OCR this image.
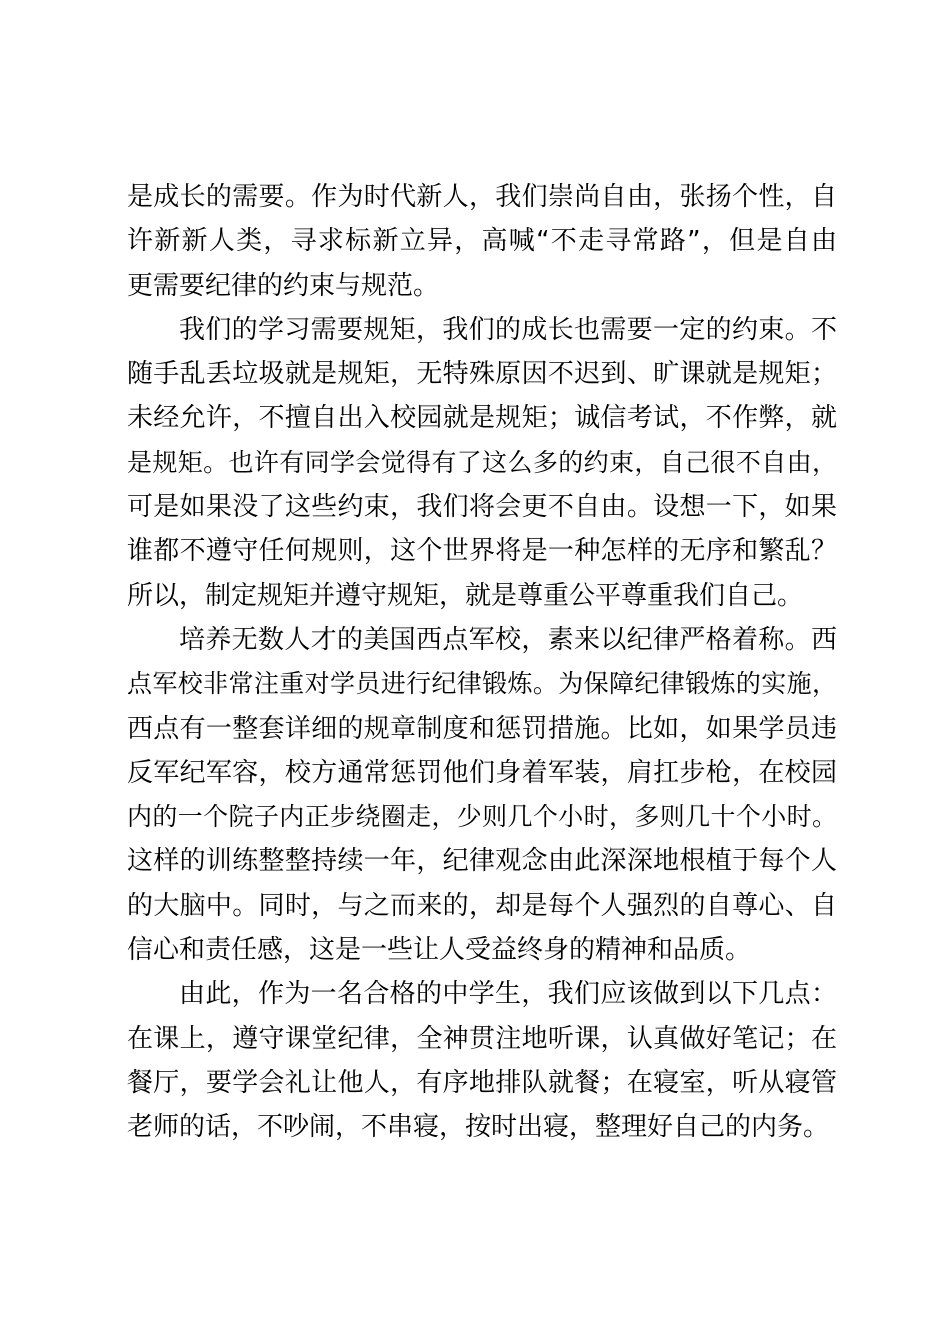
是成长的需要。作为时代新人，我们崇尚自由，张扬个性，自
许新新人类，寻求标新立异，高喊“不走寻常路”，但是自由
更需要纪律的约束与规范。
我们的学习需要规矩，我们的成长也需要一定的约束。不
随手乱丢垃圾就是规矩，无特殊原因不迟到、旷课就是规矩；
未经允许，不擅自出入校园就是规矩；诚信考试，不作弊，就
是规矩。也许有同学会觉得有了这么多的约束，自己很不自由，
可是如果没了这些约束，我们将会更不自由。设想一下，如果
谁都不遵守任何规则，这个世界将是一种怎样的无序和繁乱？
所以，制定规矩并遵守规矩，就是尊重公平尊重我们自己。
培养无数人才的美国西点军校，素来以纪律严格着称。西
点军校非常注重对学员进行纪律锻炼。为保障纪律锻炼的实施，
西点有一整套详细的规章制度和惩罚措施。比如，如果学员违
反军纪军容，校方通常惩罚他们身着军装，肩扛步枪，在校园
内的一个院子内正步绕圈走，少则几个小时，多则几十个小时。
这样的训练整整持续一年，纪律观念由此深深地根植于每个人
的大脑中。同时，与之而来的，却是每个人强烈的自尊心、自
信心和责任感，这是一些让人受益终身的精神和品质。
由此，作为一名合格的中学生，我们应该做到以下几点：
在课上，遵守课堂纪律，全神贯注地听课，认真做好笔记；在
餐厅，要学会礼让他人，有序地排队就餐；在寝室，听从寝管
老师的话，不吵闹，不串寝，按时出寝，整理好自己的内务。
